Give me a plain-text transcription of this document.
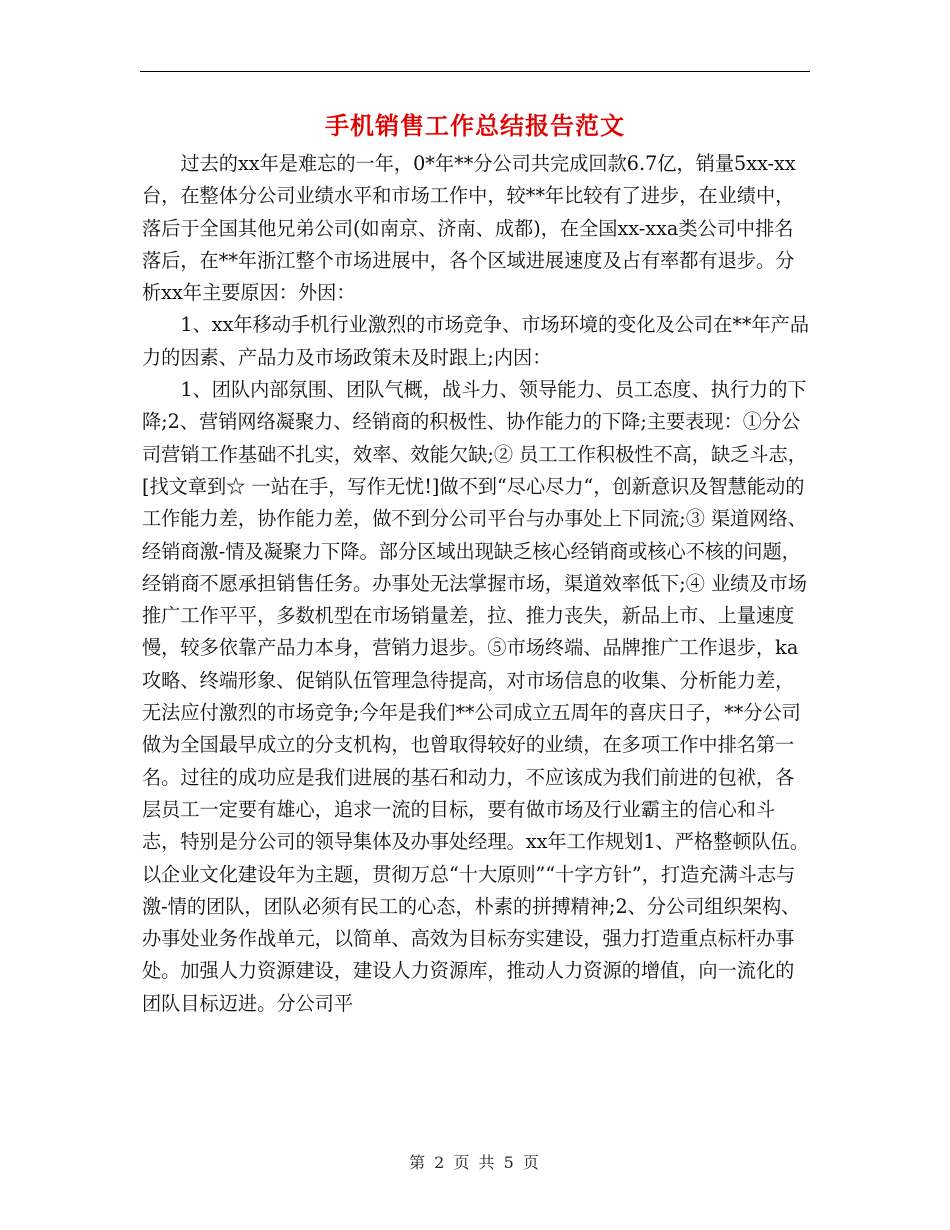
手机销售工作总结报告范文

过去的xx年是难忘的一年，0*年**分公司共完成回款6.7亿，销量5xx-xx台，在整体分公司业绩水平和市场工作中，较**年比较有了进步，在业绩中，落后于全国其他兄弟公司(如南京、济南、成都)，在全国xx-xxa类公司中排名落后，在**年浙江整个市场进展中，各个区域进展速度及占有率都有退步。分析xx年主要原因：外因：

1、xx年移动手机行业激烈的市场竞争、市场环境的变化及公司在**年产品力的因素、产品力及市场政策未及时跟上;内因：

1、团队内部氛围、团队气概，战斗力、领导能力、员工态度、执行力的下降;2、营销网络凝聚力、经销商的积极性、协作能力的下降;主要表现：①分公司营销工作基础不扎实，效率、效能欠缺;② 员工工作积极性不高，缺乏斗志，[找文章到☆ 一站在手，写作无忧!]做不到“尽心尽力“，创新意识及智慧能动的工作能力差，协作能力差，做不到分公司平台与办事处上下同流;③ 渠道网络、经销商激-情及凝聚力下降。部分区域出现缺乏核心经销商或核心不核的问题，经销商不愿承担销售任务。办事处无法掌握市场，渠道效率低下;④ 业绩及市场推广工作平平，多数机型在市场销量差，拉、推力丧失，新品上市、上量速度慢，较多依靠产品力本身，营销力退步。⑤市场终端、品牌推广工作退步，ka攻略、终端形象、促销队伍管理急待提高，对市场信息的收集、分析能力差，无法应付激烈的市场竞争;今年是我们**公司成立五周年的喜庆日子，**分公司做为全国最早成立的分支机构，也曾取得较好的业绩，在多项工作中排名第一名。过往的成功应是我们进展的基石和动力，不应该成为我们前进的包袱，各层员工一定要有雄心，追求一流的目标，要有做市场及行业霸主的信心和斗志，特别是分公司的领导集体及办事处经理。xx年工作规划1、严格整顿队伍。以企业文化建设年为主题，贯彻万总“十大原则”“十字方针”，打造充满斗志与激-情的团队，团队必须有民工的心态，朴素的拼搏精神;2、分公司组织架构、办事处业务作战单元，以简单、高效为目标夯实建设，强力打造重点标杆办事处。加强人力资源建设，建设人力资源库，推动人力资源的增值，向一流化的团队目标迈进。分公司平

第 2 页 共 5 页
